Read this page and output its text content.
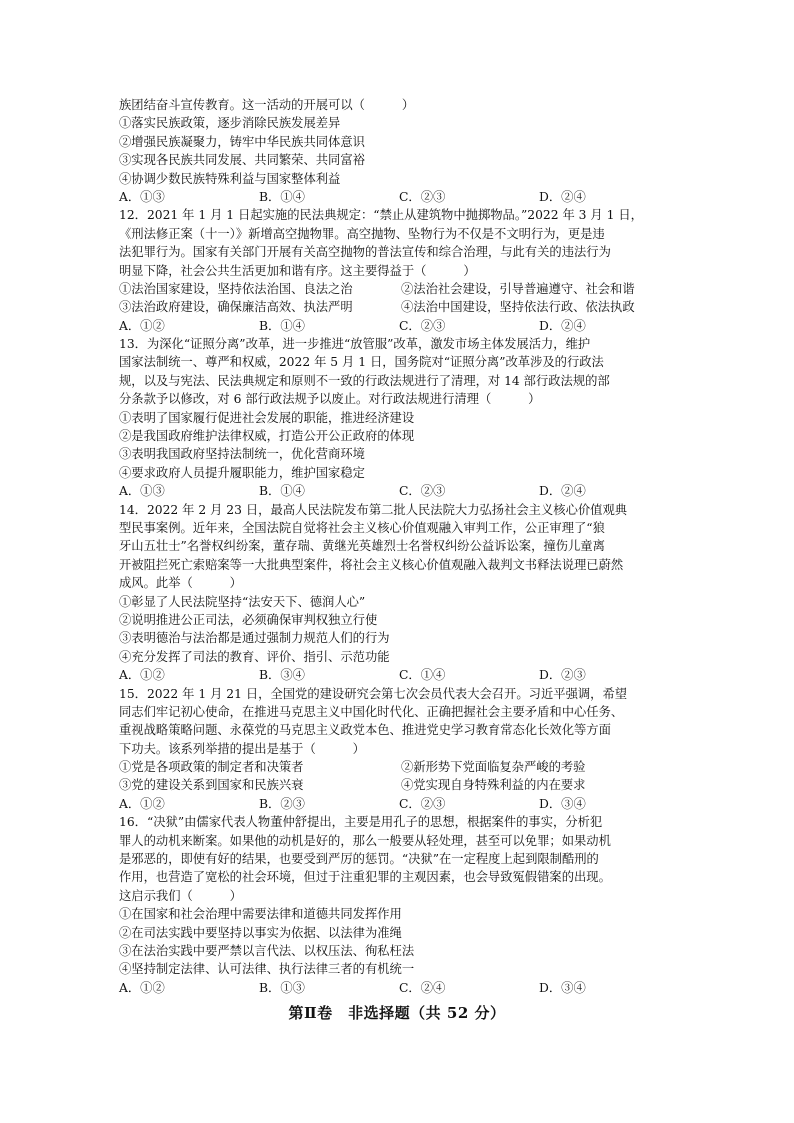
族团结奋斗宣传教育。这一活动的开展可以（　　　）
①落实民族政策，逐步消除民族发展差异
②增强民族凝聚力，铸牢中华民族共同体意识
③实现各民族共同发展、共同繁荣、共同富裕
④协调少数民族特殊利益与国家整体利益
A．①③	B．①④	C．②③	D．②④
12．2021 年 1 月 1 日起实施的民法典规定：“禁止从建筑物中抛掷物品。”2022 年 3 月 1 日，
《刑法修正案（十一）》新增高空抛物罪。高空抛物、坠物行为不仅是不文明行为，更是违
法犯罪行为。国家有关部门开展有关高空抛物的普法宣传和综合治理，与此有关的违法行为
明显下降，社会公共生活更加和谐有序。这主要得益于（　　　）
①法治国家建设，坚持依法治国、良法之治	②法治社会建设，引导普遍遵守、社会和谐
③法治政府建设，确保廉洁高效、执法严明	④法治中国建设，坚持依法行政、依法执政
A．①②	B．①④	C．②③	D．②④
13．为深化“证照分离”改革，进一步推进“放管服”改革，激发市场主体发展活力，维护
国家法制统一、尊严和权威，2022 年 5 月 1 日，国务院对“证照分离”改革涉及的行政法
规，以及与宪法、民法典规定和原则不一致的行政法规进行了清理，对 14 部行政法规的部
分条款予以修改，对 6 部行政法规予以废止。对行政法规进行清理（　　　）
①表明了国家履行促进社会发展的职能，推进经济建设
②是我国政府维护法律权威，打造公开公正政府的体现
③表明我国政府坚持法制统一，优化营商环境
④要求政府人员提升履职能力，维护国家稳定
A．①③	B．①④	C．②③	D．②④
14．2022 年 2 月 23 日，最高人民法院发布第二批人民法院大力弘扬社会主义核心价值观典
型民事案例。近年来，全国法院自觉将社会主义核心价值观融入审判工作，公正审理了“狼
牙山五壮士”名誉权纠纷案，董存瑞、黄继光英雄烈士名誉权纠纷公益诉讼案，撞伤儿童离
开被阻拦死亡索赔案等一大批典型案件，将社会主义核心价值观融入裁判文书释法说理已蔚然
成风。此举（　　　）
①彰显了人民法院坚持“法安天下、德润人心”
②说明推进公正司法，必须确保审判权独立行使
③表明德治与法治都是通过强制力规范人们的行为
④充分发挥了司法的教育、评价、指引、示范功能
A．①②	B．③④	C．①④	D．②③
15．2022 年 1 月 21 日，全国党的建设研究会第七次会员代表大会召开。习近平强调，希望
同志们牢记初心使命，在推进马克思主义中国化时代化、正确把握社会主要矛盾和中心任务、
重视战略策略问题、永葆党的马克思主义政党本色、推进党史学习教育常态化长效化等方面
下功夫。该系列举措的提出是基于（　　　）
①党是各项政策的制定者和决策者	②新形势下党面临复杂严峻的考验
③党的建设关系到国家和民族兴衰	④党实现自身特殊利益的内在要求
A．①②	B．②③	C．②③	D．③④
16．“决狱”由儒家代表人物董仲舒提出，主要是用孔子的思想，根据案件的事实，分析犯
罪人的动机来断案。如果他的动机是好的，那么一般要从轻处理，甚至可以免罪；如果动机
是邪恶的，即使有好的结果，也要受到严厉的惩罚。“决狱”在一定程度上起到限制酷刑的
作用，也营造了宽松的社会环境，但过于注重犯罪的主观因素，也会导致冤假错案的出现。
这启示我们（　　　）
①在国家和社会治理中需要法律和道德共同发挥作用
②在司法实践中要坚持以事实为依据、以法律为准绳
③在法治实践中要严禁以言代法、以权压法、徇私枉法
④坚持制定法律、认可法律、执行法律三者的有机统一
A．①②	B．①③	C．②④	D．③④
第Ⅱ卷　非选择题（共 52 分）
